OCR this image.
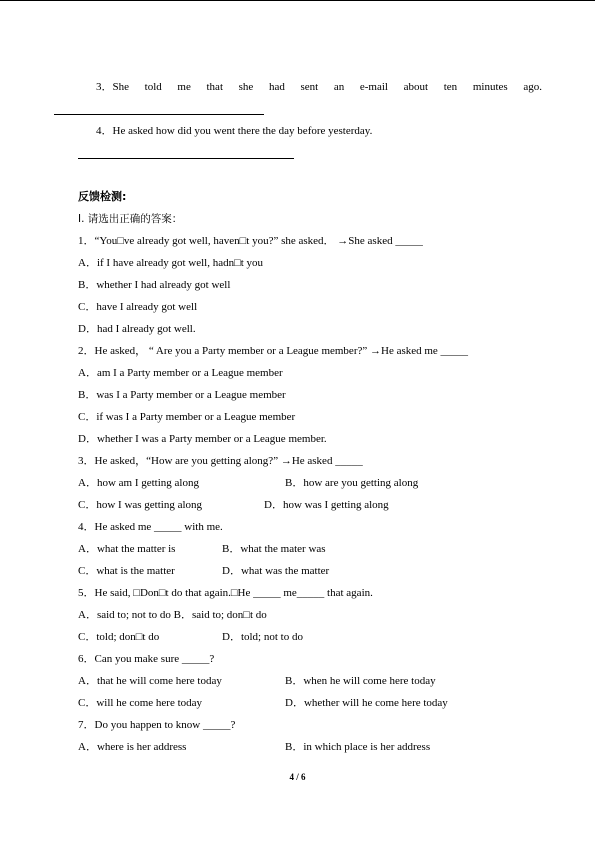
3．She told me that she had sent an e-mail about ten minutes ago.
4．He asked how did you went there the day before yesterday.
反馈检测:
I. 请选出正确的答案：
1．“You□ve already got well, haven□t you?” she asked． →She asked _____
A．if I have already got well, hadn□t you
B．whether I had already got well
C．have I already got well
D．had I already got well.
2．He asked， “ Are you a Party member or a League member?” →He asked me _____
A．am I a Party member or a League member
B．was I a Party member or a League member
C．if was I a Party member or a League member
D．whether I was a Party member or a League member.
3．He asked，“How are you getting along?” →He asked _____
A．how am I getting along	B．how are you getting along
C．how I was getting along	D．how was I getting along
4．He asked me _____ with me.
A．what the matter is	B．what the mater was
C．what is the matter	D．what was the matter
5．He said, □Don□t do that again.□He _____ me_____ that again.
A．said to; not to do B．said to; don□t do
C．told; don□t do	D．told; not to do
6．Can you make sure _____?
A．that he will come here today	B．when he will come here today
C．will he come here today	D．whether will he come here today
7．Do you happen to know _____?
A．where is her address	B．in which place is her address
4 / 6
